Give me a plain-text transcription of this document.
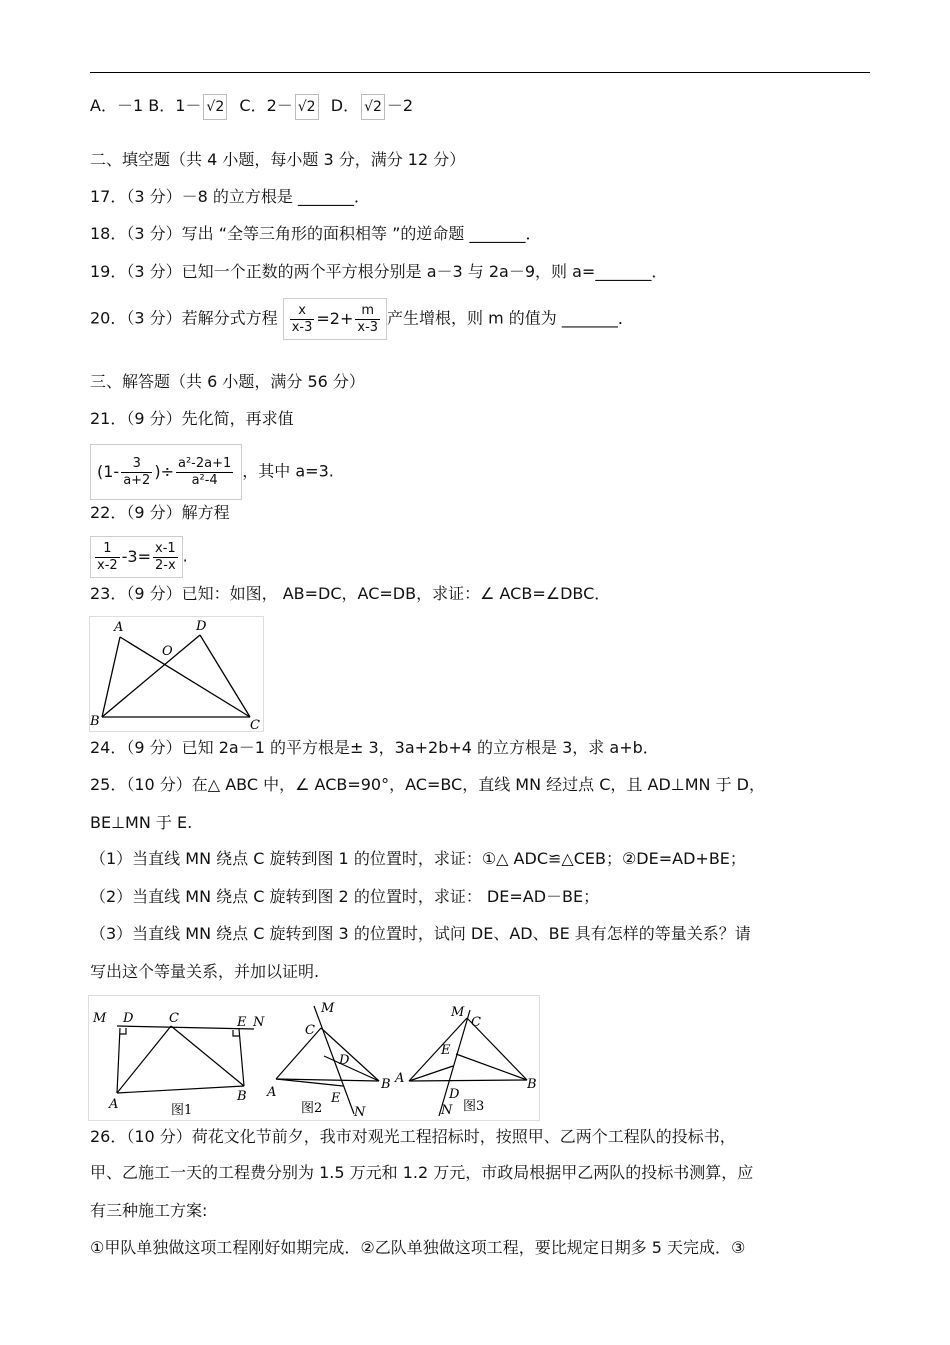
A．－1 B．1－ √2 C．2－ √2 D． √2 －2
二、填空题（共 4 小题，每小题 3 分，满分 12 分）
17．（3 分）－8 的立方根是 _______．
18．（3 分）写出 “全等三角形的面积相等 ”的逆命题 _______．
19．（3 分）已知一个正数的两个平方根分别是 a－3 与 2a－9，则 a=_______．
20．（3 分）若解分式方程 $\frac{x}{x-3} =2+ \frac{m}{x-3}$ 产生增根，则 m 的值为 _______．
三、解答题（共 6 小题，满分 56 分）
21．（9 分）先化简，再求值
($1- \frac{3}{a+2}$ )÷ $\frac{\text{a²-2a+1}}{\text{a²-4}}$ ，其中 a=3.
22．（9 分）解方程
$\frac{1}{x-2} -3= \frac{x-1}{2-x}$ .
23．（9 分）已知：如图， AB=DC，AC=DB，求证：∠ ACB=∠DBC．
A	D
O
B	C
24．（9 分）已知 2a－1 的平方根是± 3，3a+2b+4 的立方根是 3，求 a+b．
25．（10 分）在△ ABC 中，∠ ACB=90°，AC=BC，直线 MN 经过点 C，且 AD⊥MN 于 D，
BE⊥MN 于 E.
（1）当直线 MN 绕点 C 旋转到图 1 的位置时，求证：①△ ADC≌△CEB；②DE=AD+BE；
（2）当直线 MN 绕点 C 旋转到图 2 的位置时，求证： DE=AD－BE；
（3）当直线 MN 绕点 C 旋转到图 3 的位置时，试问 DE、AD、BE 具有怎样的等量关系？请
写出这个等量关系，并加以证明.
M D	C	E N
A
B
图1
M
C
D
A
B
E
N
图2
M
C
E
A	B
D
N 图3
26．（10 分）荷花文化节前夕，我市对观光工程招标时，按照甲、乙两个工程队的投标书，
甲、乙施工一天的工程费分别为 1.5 万元和 1.2 万元，市政局根据甲乙两队的投标书测算，应
有三种施工方案:
①甲队单独做这项工程刚好如期完成．②乙队单独做这项工程，要比规定日期多 5 天完成．③
